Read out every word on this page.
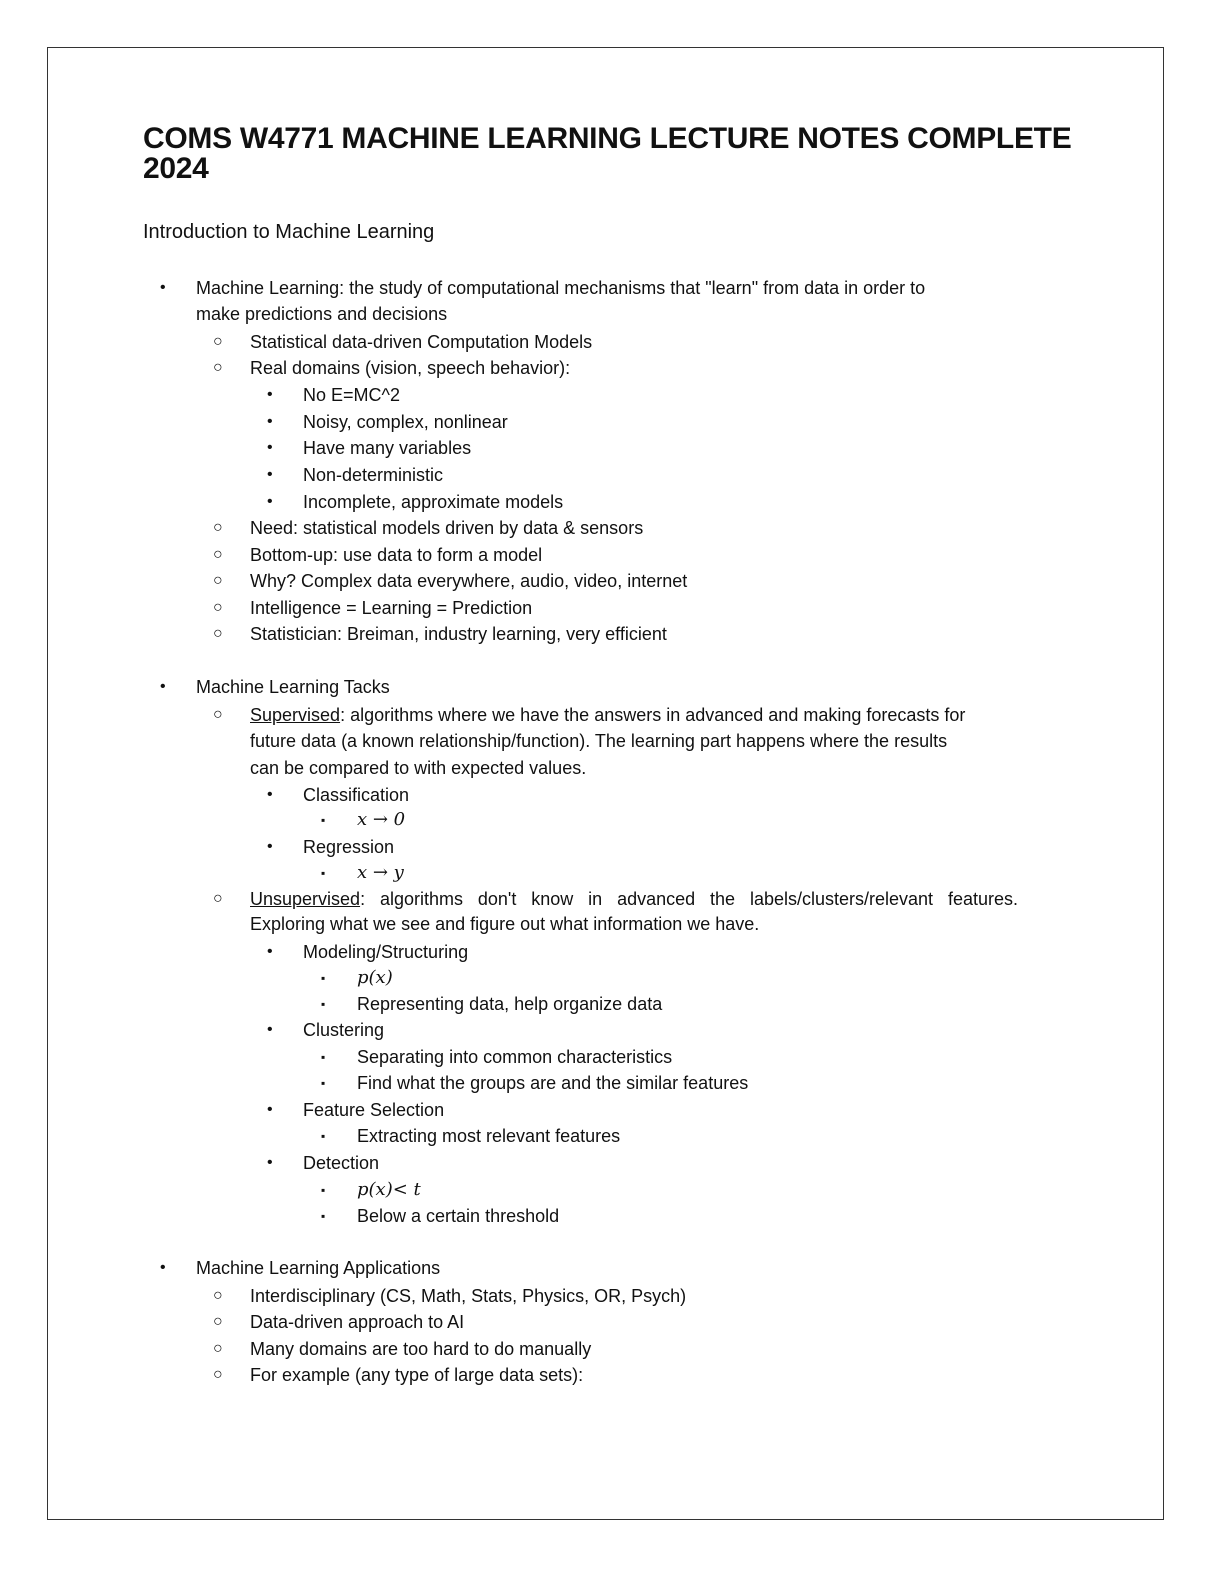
COMS W4771 MACHINE LEARNING LECTURE NOTES COMPLETE 2024

Introduction to Machine Learning

•	Machine Learning: the study of computational mechanisms that "learn" from data in order to
make predictions and decisions
○ Statistical data-driven Computation Models
○ Real domains (vision, speech behavior):
•	No E=MC^2
•	Noisy, complex, nonlinear
•	Have many variables
•	Non-deterministic
•	Incomplete, approximate models
○ Need: statistical models driven by data & sensors
○ Bottom-up: use data to form a model
○ Why? Complex data everywhere, audio, video, internet
○ Intelligence = Learning = Prediction
○ Statistician: Breiman, industry learning, very efficient
•	Machine Learning Tacks
○ Supervised: algorithms where we have the answers in advanced and making forecasts for
future data (a known relationship/function). The learning part happens where the results
can be compared to with expected values.
•	Classification
▪	x → 0
•	Regression
▪	x → y
○ Unsupervised: algorithms don't know in advanced the labels/clusters/relevant features.
Exploring what we see and figure out what information we have.
•	Modeling/Structuring
▪	p(x)
▪	Representing data, help organize data
•	Clustering
▪	Separating into common characteristics
▪	Find what the groups are and the similar features
•	Feature Selection
▪	Extracting most relevant features
•	Detection
▪	p(x)< t
▪	Below a certain threshold
•	Machine Learning Applications
○ Interdisciplinary (CS, Math, Stats, Physics, OR, Psych)
○ Data-driven approach to AI
○ Many domains are too hard to do manually
○ For example (any type of large data sets):
